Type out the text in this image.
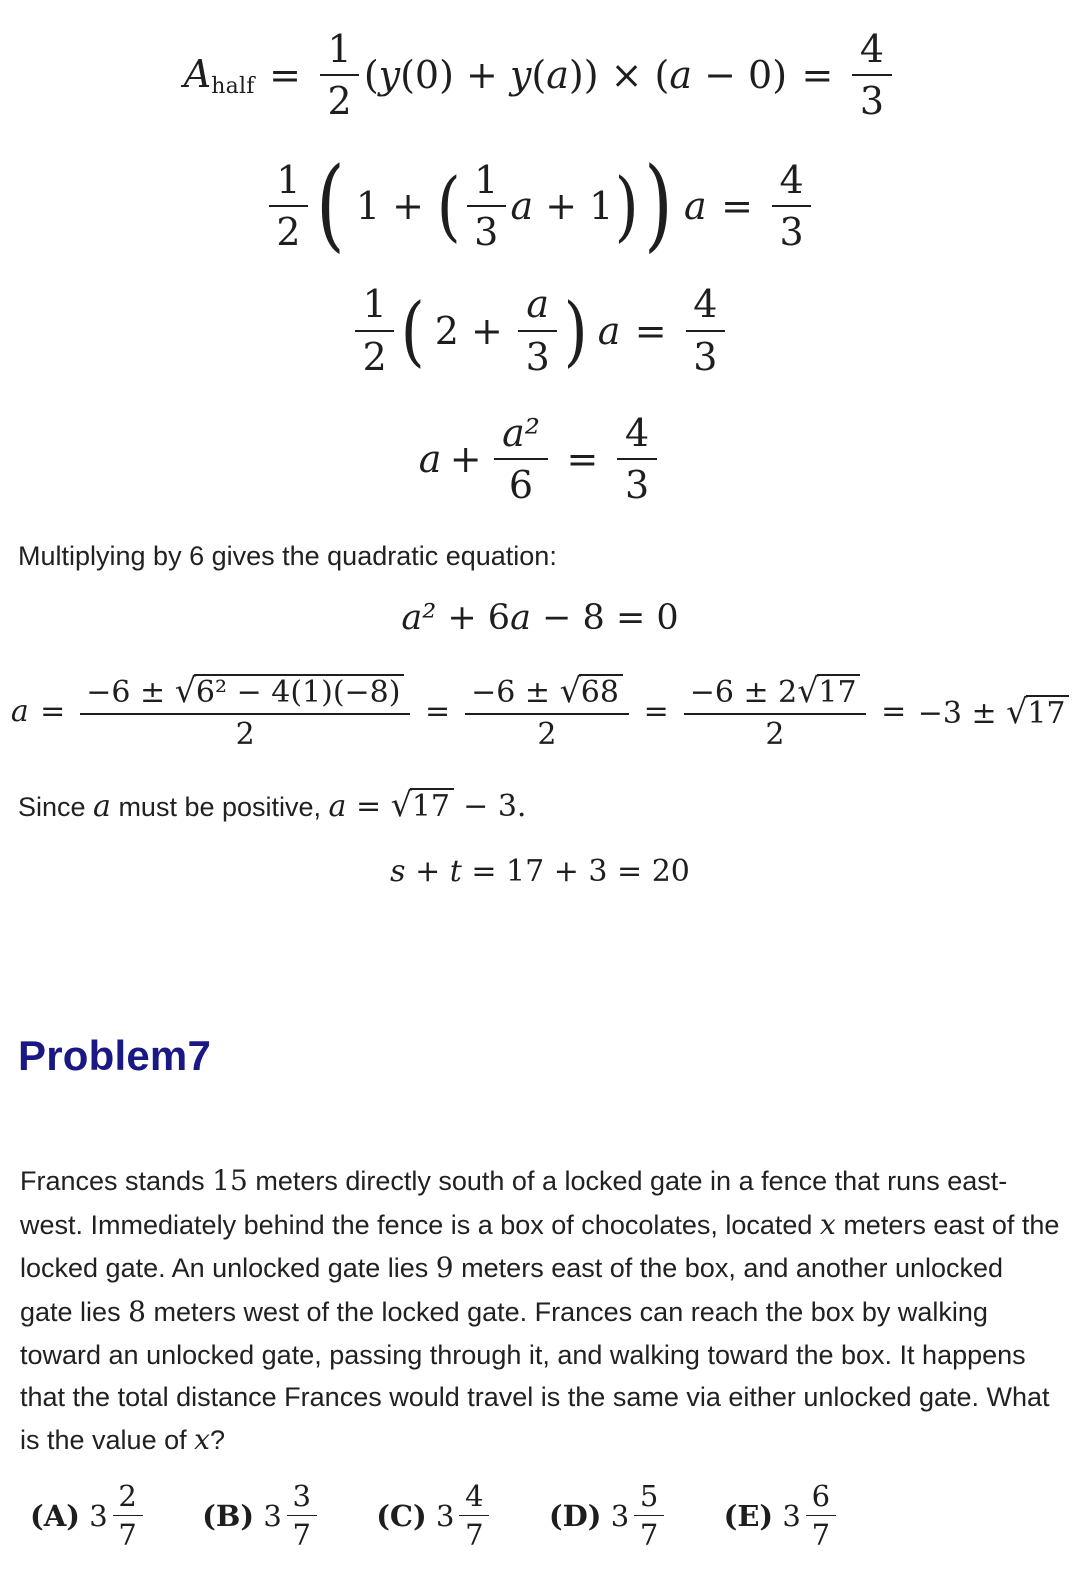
Ahalf = $\frac{1}{2} (y(0) + y(a)) \times (a - 0) = \frac{4}{3}$
$\frac{1}{2}$ ( 1 + ( $\frac{1}{3}$ a + 1 ) ) $a = \frac{4}{3}$
$\frac{1}{2}$ ( $2 + \frac{a}{3}$ ) $a = \frac{4}{3}$
$a + \frac{\text{a²}}{6} = \frac{4}{3}$

Multiplying by 6 gives the quadratic equation:

a² + 6a − 8 = 0
$a = \frac{\text{−6 ± √6² − 4(1)(−8)}}{2} = \frac{-6 \pm √68}{2} = \frac{-6 \pm 2√17}{2} = -3 \pm √17$

Since a must be positive, a = √17 − 3.

s + t = 17 + 3 = 20
Problem7

Frances stands 15 meters directly south of a locked gate in a fence that runs east-west. Immediately behind the fence is a box of chocolates, located x meters east of the locked gate. An unlocked gate lies 9 meters east of the box, and another unlocked gate lies 8 meters west of the locked gate. Frances can reach the box by walking toward an unlocked gate, passing through it, and walking toward the box. It happens that the total distance Frances would travel is the same via either unlocked gate. What is the value of x?

(A) $3 \frac{2}{7} (B)$ $3 \frac{3}{7} (C)$ $3 \frac{4}{7} (D)$ $3 \frac{5}{7} (E)$ $3 \frac{6}{7}$
